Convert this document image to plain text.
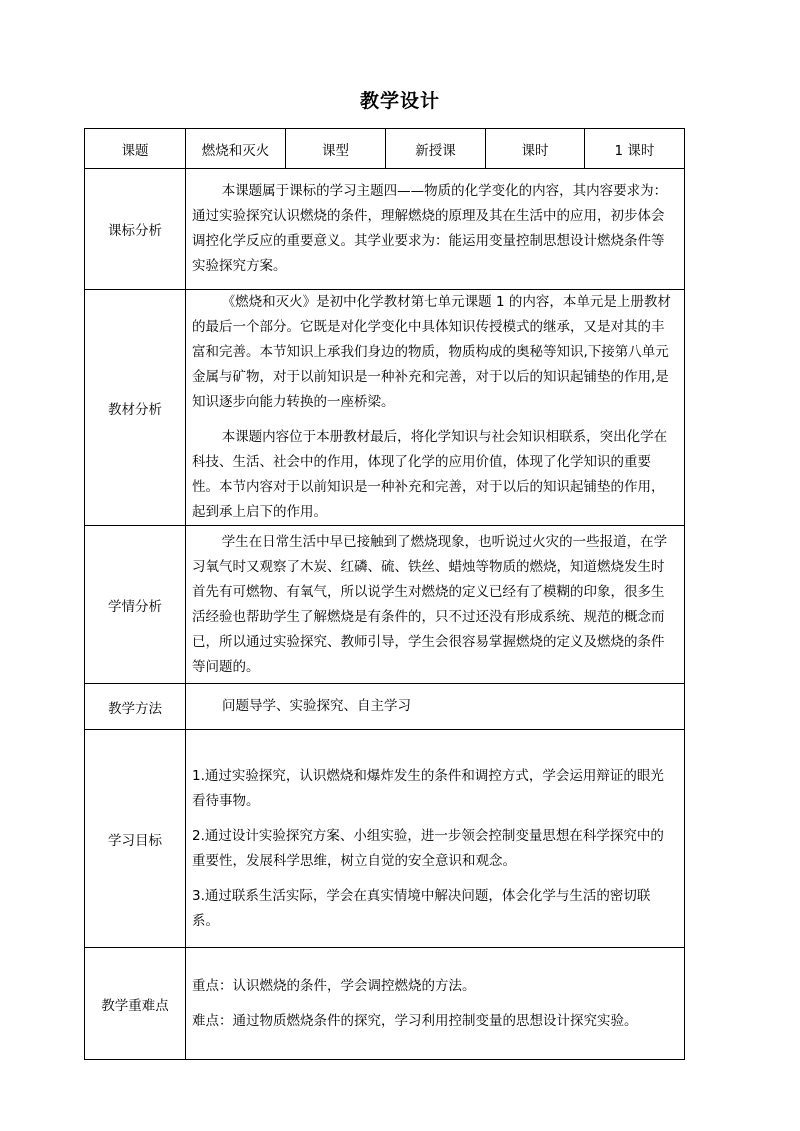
教学设计
课题	燃烧和灭火	课型	新授课	课时	1 课时
课标分析	本课题属于课标的学习主题四——物质的化学变化的内容，其内容要求为：通过实验探究认识燃烧的条件，理解燃烧的原理及其在生活中的应用，初步体会调控化学反应的重要意义。其学业要求为：能运用变量控制思想设计燃烧条件等实验探究方案。				

教材分析	《燃烧和灭火》是初中化学教材第七单元课题 1 的内容，本单元是上册教材的最后一个部分。它既是对化学变化中具体知识传授模式的继承，又是对其的丰富和完善。本节知识上承我们身边的物质，物质构成的奥秘等知识,下接第八单元金属与矿物，对于以前知识是一种补充和完善，对于以后的知识起铺垫的作用,是知识逐步向能力转换的一座桥梁。

本课题内容位于本册教材最后，将化学知识与社会知识相联系，突出化学在科技、生活、社会中的作用，体现了化学的应用价值，体现了化学知识的重要性。本节内容对于以前知识是一种补充和完善，对于以后的知识起铺垫的作用，起到承上启下的作用。				

学情分析	学生在日常生活中早已接触到了燃烧现象，也听说过火灾的一些报道，在学习氧气时又观察了木炭、红磷、硫、铁丝、蜡烛等物质的燃烧，知道燃烧发生时首先有可燃物、有氧气，所以说学生对燃烧的定义已经有了模糊的印象，很多生活经验也帮助学生了解燃烧是有条件的，只不过还没有形成系统、规范的概念而已，所以通过实验探究、教师引导，学生会很容易掌握燃烧的定义及燃烧的条件等问题的。				

教学方法	问题导学、实验探究、自主学习				
学习目标	1.通过实验探究，认识燃烧和爆炸发生的条件和调控方式，学会运用辩证的眼光看待事物。

2.通过设计实验探究方案、小组实验，进一步领会控制变量思想在科学探究中的重要性，发展科学思维，树立自觉的安全意识和观念。

3.通过联系生活实际，学会在真实情境中解决问题，体会化学与生活的密切联系。				

教学重难点	重点：认识燃烧的条件，学会调控燃烧的方法。

难点：通过物质燃烧条件的探究，学习利用控制变量的思想设计探究实验。				
